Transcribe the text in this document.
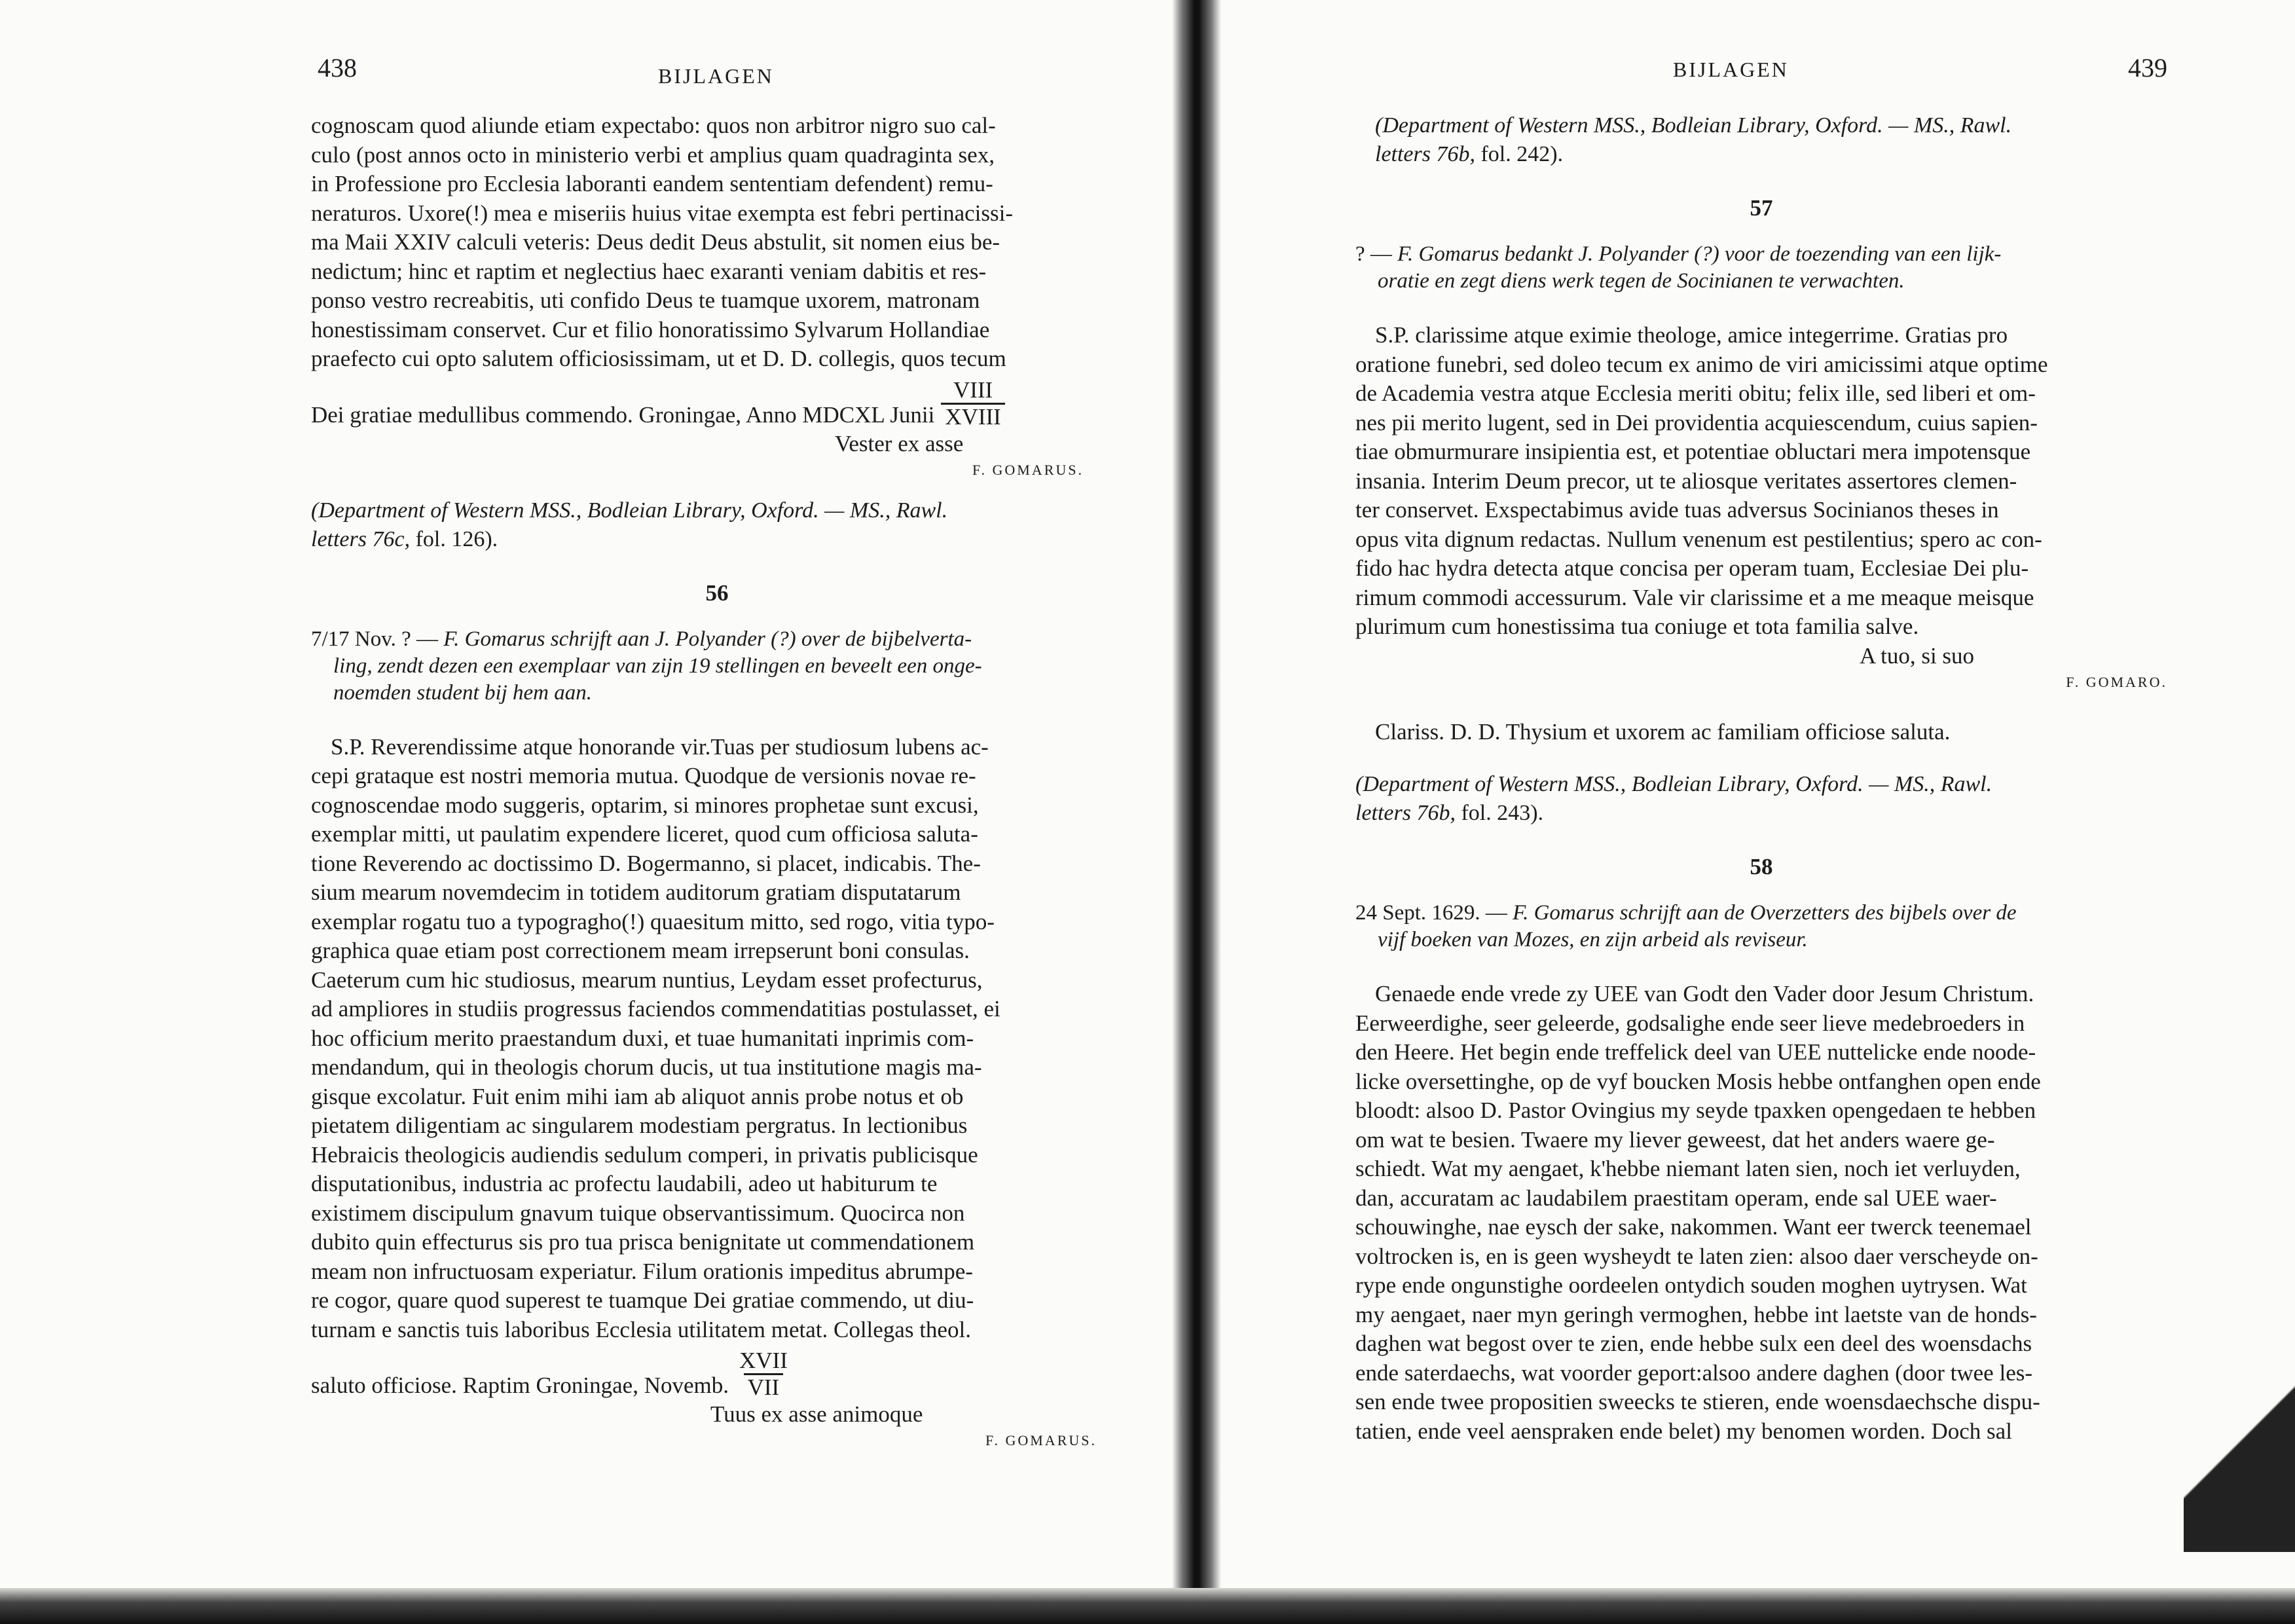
438	BIJLAGEN

cognoscam quod aliunde etiam expectabo: quos non arbitror nigro suo cal-

culo (post annos octo in ministerio verbi et amplius quam quadraginta sex,

in Professione pro Ecclesia laboranti eandem sententiam defendent) remu-

neraturos. Uxore(!) mea e miseriis huius vitae exempta est febri pertinacissi-

ma Maii XXIV calculi veteris: Deus dedit Deus abstulit, sit nomen eius be-

nedictum; hinc et raptim et neglectius haec exaranti veniam dabitis et res-

ponso vestro recreabitis, uti confido Deus te tuamque uxorem, matronam

honestissimam conservet. Cur et filio honoratissimo Sylvarum Hollandiae

praefecto cui opto salutem officiosissimam, ut et D. D. collegis, quos tecum

Dei gratiae medullibus commendo. Groningae, Anno MDCXL Junii $\frac{\text{VIII}}{\text{XVIII}}$
Vester ex asse
F. GOMARUS.

(Department of Western MSS., Bodleian Library, Oxford. — MS., Rawl.
letters 76c, fol. 126).

56

7/17 Nov. ? — F. Gomarus schrijft aan J. Polyander (?) over de bijbelverta-

ling, zendt dezen een exemplaar van zijn 19 stellingen en beveelt een onge-

noemden student bij hem aan.

S.P. Reverendissime atque honorande vir.Tuas per studiosum lubens ac-

cepi grataque est nostri memoria mutua. Quodque de versionis novae re-

cognoscendae modo suggeris, optarim, si minores prophetae sunt excusi,

exemplar mitti, ut paulatim expendere liceret, quod cum officiosa saluta-

tione Reverendo ac doctissimo D. Bogermanno, si placet, indicabis. The-

sium mearum novemdecim in totidem auditorum gratiam disputatarum

exemplar rogatu tuo a typograghо(!) quaesitum mitto, sed rogo, vitia typo-

graphica quae etiam post correctionem meam irrepserunt boni consulas.

Caeterum cum hic studiosus, mearum nuntius, Leydam esset profecturus,

ad ampliores in studiis progressus faciendos commendatitias postulasset, ei

hoc officium merito praestandum duxi, et tuae humanitati inprimis com-

mendandum, qui in theologis chorum ducis, ut tua institutione magis ma-

gisque excolatur. Fuit enim mihi iam ab aliquot annis probe notus et ob

pietatem diligentiam ac singularem modestiam pergratus. In lectionibus

Hebraicis theologicis audiendis sedulum comperi, in privatis publicisque

disputationibus, industria ac profectu laudabili, adeo ut habiturum te

existimem discipulum gnavum tuique observantissimum. Quocirca non

dubito quin effecturus sis pro tua prisca benignitate ut commendationem

meam non infructuosam experiatur. Filum orationis impeditus abrumpe-

re cogor, quare quod superest te tuamque Dei gratiae commendo, ut diu-

turnam e sanctis tuis laboribus Ecclesia utilitatem metat. Collegas theol.

saluto officiose. Raptim Groningae, Novemb. $\frac{\text{XVII}}{\text{VII}}$
Tuus ex asse animoque
F. GOMARUS.
BIJLAGEN	439

(Department of Western MSS., Bodleian Library, Oxford. — MS., Rawl.
letters 76b, fol. 242).

57

? — F. Gomarus bedankt J. Polyander (?) voor de toezending van een lijk-

oratie en zegt diens werk tegen de Socinianen te verwachten.

S.P. clarissime atque eximie theologe, amice integerrime. Gratias pro

oratione funebri, sed doleo tecum ex animo de viri amicissimi atque optime

de Academia vestra atque Ecclesia meriti obitu; felix ille, sed liberi et om-

nes pii merito lugent, sed in Dei providentia acquiescendum, cuius sapien-

tiae obmurmurare insipientia est, et potentiae obluctari mera impotensque

insania. Interim Deum precor, ut te aliosque veritates assertores clemen-

ter conservet. Exspectabimus avide tuas adversus Socinianos theses in

opus vita dignum redactas. Nullum venenum est pestilentius; spero ac con-

fido hac hydra detecta atque concisa per operam tuam, Ecclesiae Dei plu-

rimum commodi accessurum. Vale vir clarissime et a me meaque meisque

plurimum cum honestissima tua coniuge et tota familia salve.

A tuo, si suo
F. GOMARO.

Clariss. D. D. Thysium et uxorem ac familiam officiose saluta.

(Department of Western MSS., Bodleian Library, Oxford. — MS., Rawl.
letters 76b, fol. 243).

58

24 Sept. 1629. — F. Gomarus schrijft aan de Overzetters des bijbels over de

vijf boeken van Mozes, en zijn arbeid als reviseur.

Genaede ende vrede zy UEE van Godt den Vader door Jesum Christum.

Eerweerdighe, seer geleerde, godsalighe ende seer lieve medebroeders in

den Heere. Het begin ende treffelick deel van UEE nuttelicke ende noode-

licke oversettinghe, op de vyf boucken Mosis hebbe ontfanghen open ende

bloodt: alsoo D. Pastor Ovingius my seyde tpaxken opengedaen te hebben

om wat te besien. Twaere my liever geweest, dat het anders waere ge-

schiedt. Wat my aengaet, k'hebbe niemant laten sien, noch iet verluyden,

dan, accuratam ac laudabilem praestitam operam, ende sal UEE waer-

schouwinghe, nae eysch der sake, nakommen. Want eer twerck teenemael

voltrocken is, en is geen wysheydt te laten zien: alsoo daer verscheyde on-

rype ende ongunstighe oordeelen ontydich souden moghen uytrysen. Wat

my aengaet, naer myn geringh vermoghen, hebbe int laetste van de honds-

daghen wat begost over te zien, ende hebbe sulx een deel des woensdachs

ende saterdaechs, wat voorder geport:alsoo andere daghen (door twee les-

sen ende twee propositien sweecks te stieren, ende woensdaechsche dispu-

tatien, ende veel aenspraken ende belet) my benomen worden. Doch sal
